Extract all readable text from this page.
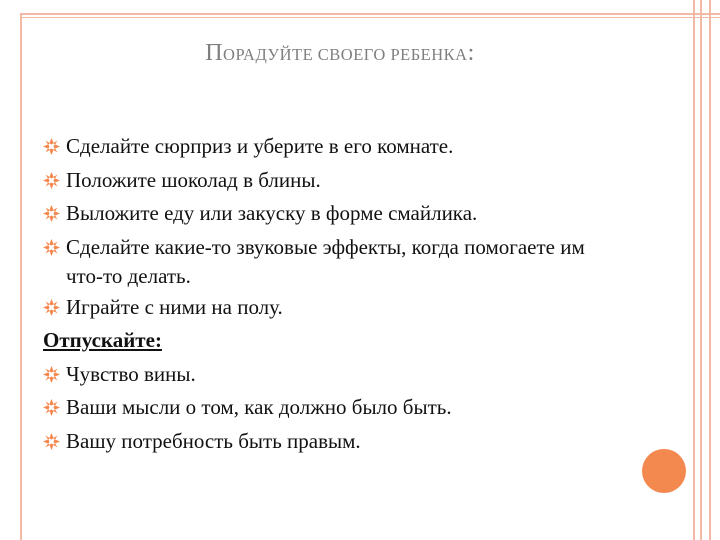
ПОРАДУЙТЕ СВОЕГО РЕБЕНКА:
Сделайте сюрприз и уберите в его комнате.
Положите шоколад в блины.
Выложите еду или закуску в форме смайлика.
Сделайте какие-то звуковые эффекты, когда помогаете им что-то делать.
Играйте с ними на полу.
Отпускайте:
Чувство вины.
Ваши мысли о том, как должно было быть.
Вашу потребность быть правым.
